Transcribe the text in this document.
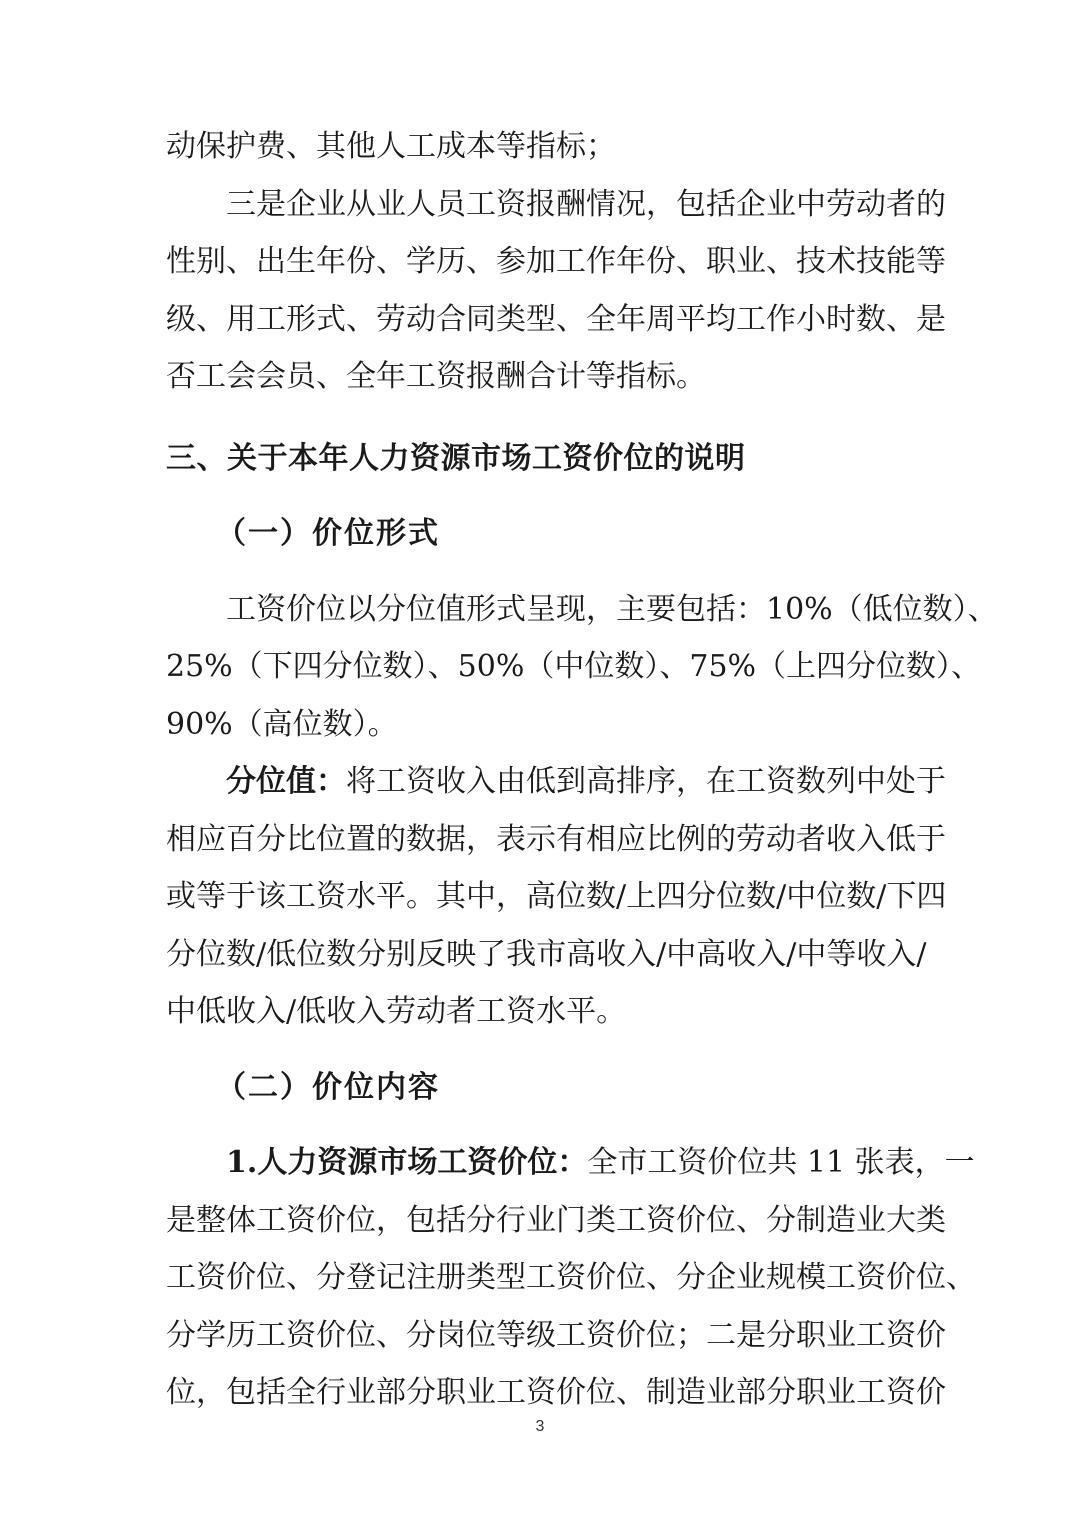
动保护费、其他人工成本等指标；
三是企业从业人员工资报酬情况，包括企业中劳动者的
性别、出生年份、学历、参加工作年份、职业、技术技能等
级、用工形式、劳动合同类型、全年周平均工作小时数、是
否工会会员、全年工资报酬合计等指标。
三、关于本年人力资源市场工资价位的说明
（一）价位形式
工资价位以分位值形式呈现，主要包括：10%（低位数）、
25%（下四分位数）、50%（中位数）、75%（上四分位数）、
90%（高位数）。
分位值：将工资收入由低到高排序，在工资数列中处于
相应百分比位置的数据，表示有相应比例的劳动者收入低于
或等于该工资水平。其中，高位数/上四分位数/中位数/下四
分位数/低位数分别反映了我市高收入/中高收入/中等收入/
中低收入/低收入劳动者工资水平。
（二）价位内容
1.人力资源市场工资价位：全市工资价位共 11 张表，一
是整体工资价位，包括分行业门类工资价位、分制造业大类
工资价位、分登记注册类型工资价位、分企业规模工资价位、
分学历工资价位、分岗位等级工资价位；二是分职业工资价
位，包括全行业部分职业工资价位、制造业部分职业工资价
3
